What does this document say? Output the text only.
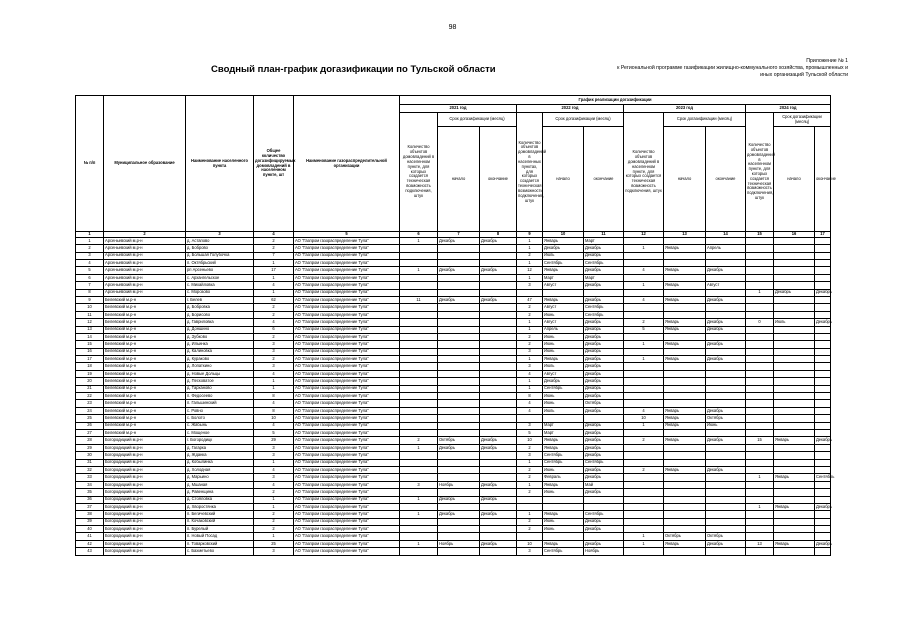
98
Сводный план-график догазификации по Тульской области
Приложение № 1
к Региональной программе газификации жилищно-коммунального хозяйства, промышленных и
иных организаций Тульской области
№ п/п	Муниципальное образование	Наименование населенного пункта	Общее количество догазифицируемых домовладений в населенном пункте, шт	Наименование газораспределительной организации	График реализации догазификации											
					2021 год			2022 год			2023 год			2024 год		
					Количество объектов домовладений в населенном пункте, для которых создается техническая возможность подключения, штук	Срок догазификации (месяц)		Количество объектов домовладений в населенных пунктах, для которых создается техническая возможность подключения, штук	Срок догазификации (месяц)		Количество объектов домовладений в населенном пункте, для которых создается техническая возможность подключения, штук	Срок догазификации (месяц)		Количество объектов домовладений в населенном пункте, для которых создается техническая возможность подключения, штук	Срок догазификации (месяц)	
						начало	окончание		начало	окончание		начало	окончание		начало	окончание
1	2	3	4	5	6	7	8	9	10	11	12	13	14	15	16	17
1	Арсеньевский м.р-н	д. Астапово	2	АО "Газпром газораспределение Тула"	1	Декабрь	Декабрь	1	Январь	Март						
2	Арсеньевский м.р-н	д. Боброво	2	АО "Газпром газораспределение Тула"				1	Декабрь	Декабрь	1	Январь	Апрель			
3	Арсеньевский м.р-н	д. Большая Голубочка	7	АО "Газпром газораспределение Тула"				2	Июль	Декабрь						
4	Арсеньевский м.р-н	п. Октябрьский	1	АО "Газпром газораспределение Тула"				1	Сентябрь	Сентябрь						
5	Арсеньевский м.р-н	рп Арсеньево	17	АО "Газпром газораспределение Тула"	1	Декабрь	Декабрь	12	Январь	Декабрь	4	Январь	Декабрь			
6	Арсеньевский м.р-н	с. Архангельское	1	АО "Газпром газораспределение Тула"				1	Март	Март						
7	Арсеньевский м.р-н	с. Михайловка	4	АО "Газпром газораспределение Тула"				3	Август	Декабрь	1	Январь	Август			
8	Арсеньевский м.р-н	с. Морозово	1	АО "Газпром газораспределение Тула"										1	Декабрь	Декабрь
9	Белевский м.р-н	г. Белев	62	АО "Газпром газораспределение Тула"	11	Декабрь	Декабрь	47	Январь	Декабрь	4	Январь	Декабрь			
10	Белевский м.р-н	д. Бобровка	2	АО "Газпром газораспределение Тула"				2	Август	Сентябрь						
11	Белевский м.р-н	д. Борисово	2	АО "Газпром газораспределение Тула"				2	Июнь	Сентябрь						
12	Белевский м.р-н	д. Гавриловка	4	АО "Газпром газораспределение Тула"				1	Август	Декабрь	2	Январь	Декабрь	0	Июль	Декабрь
13	Белевский м.р-н	д. Доншино	6	АО "Газпром газораспределение Тула"				1	Апрель	Декабрь	5	Январь	Декабрь			
14	Белевский м.р-н	д. Зубково	2	АО "Газпром газораспределение Тула"				2	Июнь	Декабрь						
15	Белевский м.р-н	д. Ильинка	3	АО "Газпром газораспределение Тула"				2	Июнь	Декабрь	1	Январь	Декабрь			
16	Белевский м.р-н	д. Калиновка	3	АО "Газпром газораспределение Тула"				3	Июнь	Декабрь						
17	Белевский м.р-н	д. Кураково	2	АО "Газпром газораспределение Тула"				1	Январь	Декабрь	1	Январь	Декабрь			
18	Белевский м.р-н	д. Лопаткино	3	АО "Газпром газораспределение Тула"				3	Июль	Декабрь						
19	Белевский м.р-н	д. Новые Дольцы	4	АО "Газпром газораспределение Тула"				4	Август	Декабрь						
20	Белевский м.р-н	д. Песковатое	1	АО "Газпром газораспределение Тула"				1	Декабрь	Декабрь						
21	Белевский м.р-н	д. Тарханово	1	АО "Газпром газораспределение Тула"				1	Сентябрь	Декабрь						
22	Белевский м.р-н	п. Федосеево	8	АО "Газпром газораспределение Тула"				8	Июнь	Декабрь						
23	Белевский м.р-н	п. Гальшинский	4	АО "Газпром газораспределение Тула"				4	Июнь	Октябрь						
24	Белевский м.р-н	с. Ровно	8	АО "Газпром газораспределение Тула"				4	Июль	Декабрь	4	Январь	Декабрь			
25	Белевский м.р-н	с. Болото	10	АО "Газпром газораспределение Тула"							10	Январь	Октябрь			
26	Белевский м.р-н	с. Жабынь	4	АО "Газпром газораспределение Тула"				3	Март	Декабрь	1	Январь	Июнь			
27	Белевский м.р-н	с. Мощеное	5	АО "Газпром газораспределение Тула"				5	Март	Декабрь						
28	Богородицкий м.р-н	г. Богородицк	29	АО "Газпром газораспределение Тула"	2	Октябрь	Декабрь	10	Январь	Декабрь	2	Январь	Декабрь	15	Январь	Декабрь
29	Богородицкий м.р-н	д. Гагарка	3	АО "Газпром газораспределение Тула"	1	Декабрь	Декабрь	2	Январь	Декабрь						
30	Богородицкий м.р-н	д. Жданка	3	АО "Газпром газораспределение Тула"				3	Сентябрь	Декабрь						
31	Богородицкий м.р-н	д. Кобылинка	1	АО "Газпром газораспределение Тула"				1	Сентябрь	Сентябрь						
32	Богородицкий м.р-н	д. Холодная	4	АО "Газпром газораспределение Тула"				2	Июнь	Декабрь	2	Январь	Декабрь			
33	Богородицкий м.р-н	д. Марьино	3	АО "Газпром газораспределение Тула"				2	Февраль	Декабрь				1	Январь	Сентябрь
34	Богородицкий м.р-н	д. Мшаная	4	АО "Газпром газораспределение Тула"	3	Ноябрь	Декабрь	1	Январь	Май						
35	Богородицкий м.р-н	д. Равенщина	2	АО "Газпром газораспределение Тула"				2	Июнь	Декабрь						
36	Богородицкий м.р-н	д. Стояловка	1	АО "Газпром газораспределение Тула"	1	Декабрь	Декабрь									
37	Богородицкий м.р-н	д. Хворостянка	1	АО "Газпром газораспределение Тула"										1	Январь	Декабрь
38	Богородицкий м.р-н	п. Бегичевский	2	АО "Газпром газораспределение Тула"	1	Декабрь	Декабрь	1	Январь	Сентябрь						
39	Богородицкий м.р-н	п. Кочаковский	2	АО "Газпром газораспределение Тула"				2	Июнь	Декабрь						
40	Богородицкий м.р-н	п. Бурелый	2	АО "Газпром газораспределение Тула"				2	Июнь	Декабрь						
41	Богородицкий м.р-н	п. Новый Посад	1	АО "Газпром газораспределение Тула"							1	Октябрь	Октябрь			
42	Богородицкий м.р-н	п. Товарковский	25	АО "Газпром газораспределение Тула"	1	Ноябрь	Декабрь	10	Январь	Декабрь	1	Январь	Декабрь	13	Январь	Декабрь
43	Богородицкий м.р-н	с. Бахметьево	3	АО "Газпром газораспределение Тула"				3	Сентябрь	Ноябрь						
